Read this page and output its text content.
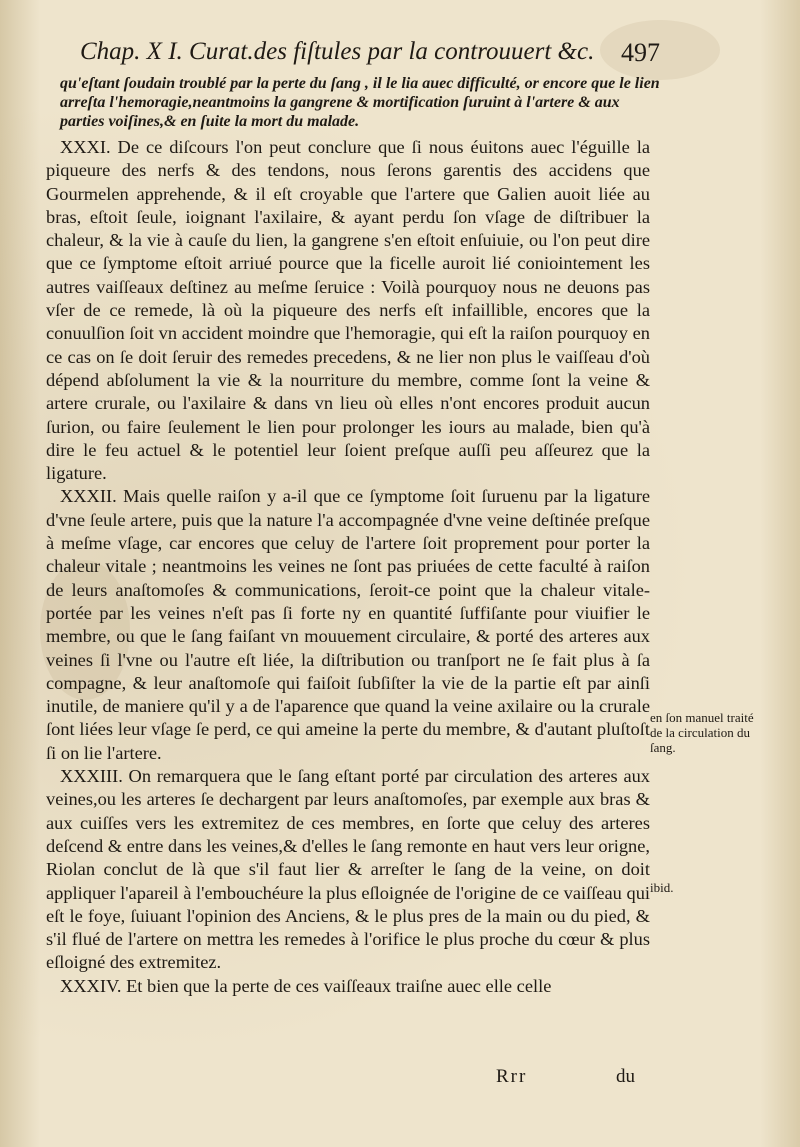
Chap. X I. Curat.des fiſtules par la controuuert &c. 497
qu'eſtant ſoudain troublé par la perte du ſang , il le lia auec difficulté, or encore que le lien arreſta l'hemoragie,neantmoins la gangrene & mortification ſuruint à l'artere & aux parties voiſines,& en ſuite la mort du malade.

XXXI. De ce diſcours l'on peut conclure que ſi nous éuitons auec l'éguille la piqueure des nerfs & des tendons, nous ſerons garentis des accidens que Gourmelen apprehende, & il eſt croyable que l'artere que Galien auoit liée au bras, eſtoit ſeule, ioignant l'axilaire, & ayant perdu ſon vſage de diſtribuer la chaleur, & la vie à cauſe du lien, la gangrene s'en eſtoit enſuiuie, ou l'on peut dire que ce ſymptome eſtoit arriué pource que la ficelle auroit lié coniointement les autres vaiſſeaux deſtinez au meſme ſeruice : Voilà pourquoy nous ne deuons pas vſer de ce remede, là où la piqueure des nerfs eſt infaillible, encores que la conuulſion ſoit vn accident moindre que l'hemoragie, qui eſt la raiſon pourquoy en ce cas on ſe doit ſeruir des remedes precedens, & ne lier non plus le vaiſſeau d'où dépend abſolument la vie & la nourriture du membre, comme ſont la veine & artere crurale, ou l'axilaire & dans vn lieu où elles n'ont encores produit aucun ſurion, ou faire ſeulement le lien pour prolonger les iours au malade, bien qu'à dire le feu actuel & le potentiel leur ſoient preſque auſſi peu aſſeurez que la ligature.

XXXII. Mais quelle raiſon y a-il que ce ſymptome ſoit ſuruenu par la ligature d'vne ſeule artere, puis que la nature l'a accompagnée d'vne veine deſtinée preſque à meſme vſage, car encores que celuy de l'artere ſoit proprement pour porter la chaleur vitale ; neantmoins les veines ne ſont pas priuées de cette faculté à raiſon de leurs anaſtomoſes & communications, ſeroit-ce point que la chaleur vitale-portée par les veines n'eſt pas ſi forte ny en quantité ſuffiſante pour viuifier le membre, ou que le ſang faiſant vn mouuement circulaire, & porté des arteres aux veines ſi l'vne ou l'autre eſt liée, la diſtribution ou tranſport ne ſe fait plus à ſa compagne, & leur anaſtomoſe qui faiſoit ſubſiſter la vie de la partie eſt par ainſi inutile, de maniere qu'il y a de l'aparence que quand la veine axilaire ou la crurale ſont liées leur vſage ſe perd, ce qui ameine la perte du membre, & d'autant pluſtoſt ſi on lie l'artere.

XXXIII. On remarquera que le ſang eſtant porté par circulation des arteres aux veines,ou les arteres ſe dechargent par leurs anaſtomoſes, par exemple aux bras & aux cuiſſes vers les extremitez de ces membres, en ſorte que celuy des arteres deſcend & entre dans les veines,& d'elles le ſang remonte en haut vers leur origne, Riolan conclut de là que s'il faut lier & arreſter le ſang de la veine, on doit appliquer l'apareil à l'embouchéure la plus eſloignée de l'origine de ce vaiſſeau qui eſt le foye, ſuiuant l'opinion des Anciens, & le plus pres de la main ou du pied, & s'il flué de l'artere on mettra les remedes à l'orifice le plus proche du cœur & plus eſloigné des extremitez.

XXXIV. Et bien que la perte de ces vaiſſeaux traiſne auec elle celle

en ſon manuel traité de la circulation du ſang.
ibid.
Rrr	du
